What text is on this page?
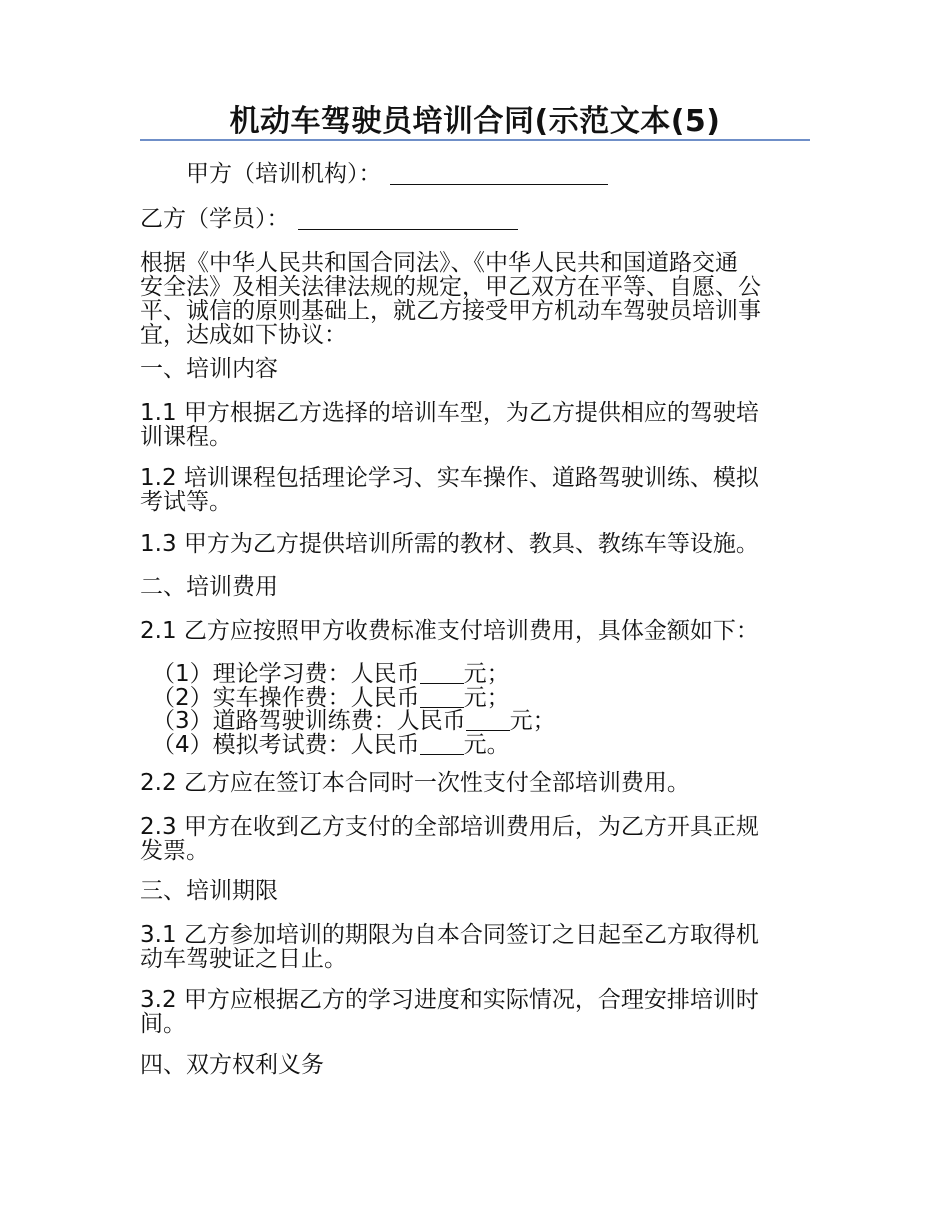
机动车驾驶员培训合同(示范文本(5)
甲方（培训机构）：
乙方（学员）：
根据《中华人民共和国合同法》、《中华人民共和国道路交通
安全法》及相关法律法规的规定，甲乙双方在平等、自愿、公
平、诚信的原则基础上，就乙方接受甲方机动车驾驶员培训事
宜，达成如下协议：
一、培训内容
1.1 甲方根据乙方选择的培训车型，为乙方提供相应的驾驶培
训课程。
1.2 培训课程包括理论学习、实车操作、道路驾驶训练、模拟
考试等。
1.3 甲方为乙方提供培训所需的教材、教具、教练车等设施。
二、培训费用
2.1 乙方应按照甲方收费标准支付培训费用，具体金额如下：
（1）理论学习费：人民币 元；
（2）实车操作费：人民币 元；
（3）道路驾驶训练费：人民币 元；
（4）模拟考试费：人民币 元。
2.2 乙方应在签订本合同时一次性支付全部培训费用。
2.3 甲方在收到乙方支付的全部培训费用后，为乙方开具正规
发票。
三、培训期限
3.1 乙方参加培训的期限为自本合同签订之日起至乙方取得机
动车驾驶证之日止。
3.2 甲方应根据乙方的学习进度和实际情况，合理安排培训时
间。
四、双方权利义务
